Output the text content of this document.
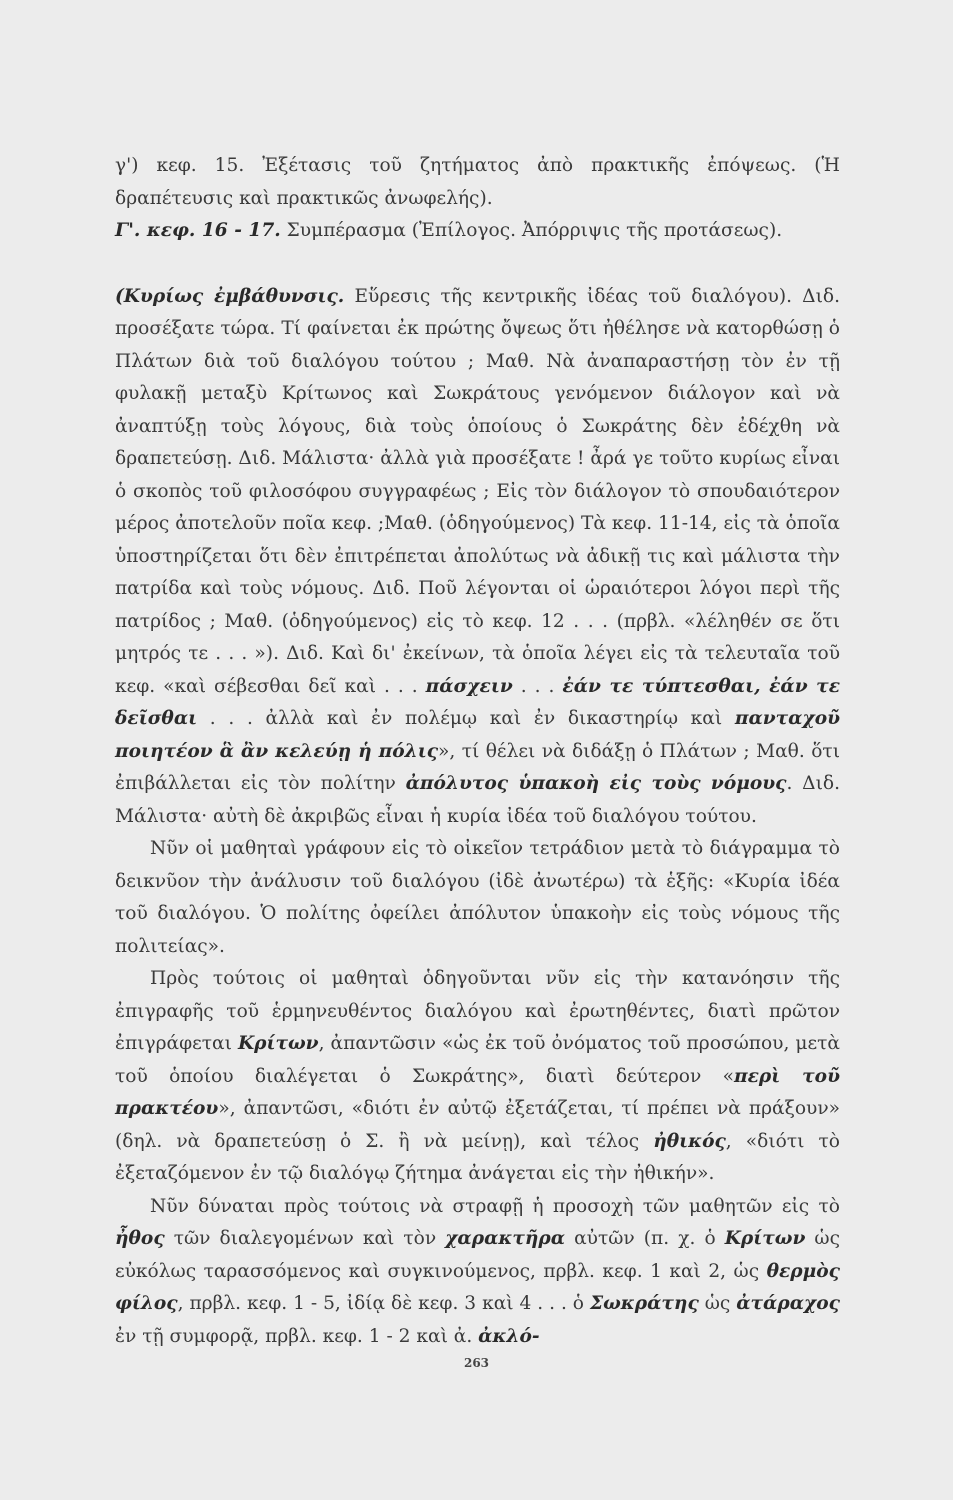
γ') κεφ. 15. Ἐξέτασις τοῦ ζητήματος ἀπὸ πρακτικῆς ἐπόψεως. (Ἡ δραπέτευσις καὶ πρακτικῶς ἀνωφελής).
Γ'. κεφ. 16 - 17. Συμπέρασμα (Ἐπίλογος. Ἀπόρριψις τῆς προτάσεως).

(Κυρίως ἐμβάθυνσις. Εὕρεσις τῆς κεντρικῆς ἰδέας τοῦ διαλόγου). Διδ. προσέξατε τώρα. Τί φαίνεται ἐκ πρώτης ὄψεως ὅτι ἠθέλησε νὰ κατορθώσῃ ὁ Πλάτων διὰ τοῦ διαλόγου τούτου ; Μαθ. Νὰ ἀναπαραστήσῃ τὸν ἐν τῇ φυλακῇ μεταξὺ Κρίτωνος καὶ Σωκράτους γενόμενον διάλογον καὶ νὰ ἀναπτύξῃ τοὺς λόγους, διὰ τοὺς ὁποίους ὁ Σωκράτης δὲν ἐδέχθη νὰ δραπετεύσῃ. Διδ. Μάλιστα· ἀλλὰ γιὰ προσέξατε ! ἆρά γε τοῦτο κυρίως εἶναι ὁ σκοπὸς τοῦ φιλοσόφου συγγραφέως ; Εἰς τὸν διάλογον τὸ σπουδαιότερον μέρος ἀποτελοῦν ποῖα κεφ. ;Μαθ. (ὁδηγούμενος) Τὰ κεφ. 11-14, εἰς τὰ ὁποῖα ὑποστηρίζεται ὅτι δὲν ἐπιτρέπεται ἀπολύτως νὰ ἀδικῇ τις καὶ μάλιστα τὴν πατρίδα καὶ τοὺς νόμους. Διδ. Ποῦ λέγονται οἱ ὡραιότεροι λόγοι περὶ τῆς πατρίδος ; Μαθ. (ὁδηγούμενος) εἰς τὸ κεφ. 12 . . . (πρβλ. «λέληθέν σε ὅτι μητρός τε . . . »). Διδ. Καὶ δι' ἐκείνων, τὰ ὁποῖα λέγει εἰς τὰ τελευταῖα τοῦ κεφ. «καὶ σέβεσθαι δεῖ καὶ . . . πάσχειν . . . ἐάν τε τύπτεσθαι, ἐάν τε δεῖσθαι . . . ἀλλὰ καὶ ἐν πολέμῳ καὶ ἐν δικαστηρίῳ καὶ πανταχοῦ ποιητέον ἃ ἂν κελεύῃ ἡ πόλις», τί θέλει νὰ διδάξῃ ὁ Πλάτων ; Μαθ. ὅτι ἐπιβάλλεται εἰς τὸν πολίτην ἀπόλυτος ὑπακοὴ εἰς τοὺς νόμους. Διδ. Μάλιστα· αὐτὴ δὲ ἀκριβῶς εἶναι ἡ κυρία ἰδέα τοῦ διαλόγου τούτου.

Νῦν οἱ μαθηταὶ γράφουν εἰς τὸ οἰκεῖον τετράδιον μετὰ τὸ διάγραμμα τὸ δεικνῦον τὴν ἀνάλυσιν τοῦ διαλόγου (ἰδὲ ἀνωτέρω) τὰ ἑξῆς: «Κυρία ἰδέα τοῦ διαλόγου. Ὁ πολίτης ὀφείλει ἀπόλυτον ὑπακοὴν εἰς τοὺς νόμους τῆς πολιτείας».

Πρὸς τούτοις οἱ μαθηταὶ ὁδηγοῦνται νῦν εἰς τὴν κατανόησιν τῆς ἐπιγραφῆς τοῦ ἑρμηνευθέντος διαλόγου καὶ ἐρωτηθέντες, διατὶ πρῶτον ἐπιγράφεται Κρίτων, ἀπαντῶσιν «ὡς ἐκ τοῦ ὀνόματος τοῦ προσώπου, μετὰ τοῦ ὁποίου διαλέγεται ὁ Σωκράτης», διατὶ δεύτερον «περὶ τοῦ πρακτέου», ἀπαντῶσι, «διότι ἐν αὐτῷ ἐξετάζεται, τί πρέπει νὰ πράξουν» (δηλ. νὰ δραπετεύσῃ ὁ Σ. ἢ νὰ μείνῃ), καὶ τέλος ἠθικός, «διότι τὸ ἐξεταζόμενον ἐν τῷ διαλόγῳ ζήτημα ἀνάγεται εἰς τὴν ἠθικήν».

Νῦν δύναται πρὸς τούτοις νὰ στραφῇ ἡ προσοχὴ τῶν μαθητῶν εἰς τὸ ἦθος τῶν διαλεγομένων καὶ τὸν χαρακτῆρα αὐτῶν (π. χ. ὁ Κρίτων ὡς εὐκόλως ταρασσόμενος καὶ συγκινούμενος, πρβλ. κεφ. 1 καὶ 2, ὡς θερμὸς φίλος, πρβλ. κεφ. 1 - 5, ἰδίᾳ δὲ κεφ. 3 καὶ 4 . . . ὁ Σωκράτης ὡς ἀτάραχος ἐν τῇ συμφορᾷ, πρβλ. κεφ. 1 - 2 καὶ ἀ. ἀκλό-

263
